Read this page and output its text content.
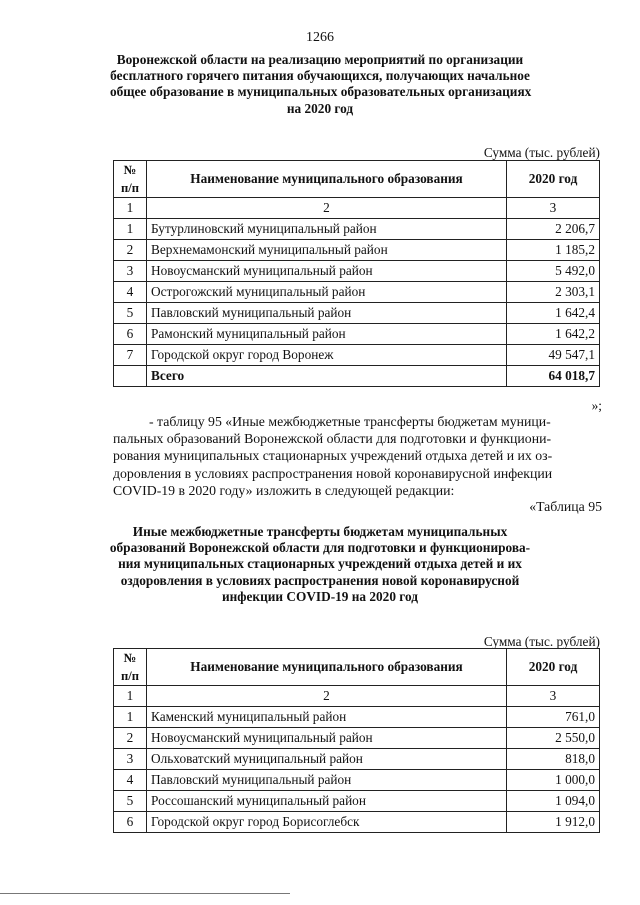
1266
Воронежской области на реализацию мероприятий по организации
бесплатного горячего питания обучающихся, получающих начальное
общее образование в муниципальных образовательных организациях
на 2020 год
Сумма (тыс. рублей)
№
п/п	Наименование муниципального образования	2020 год
1	2	3
1	Бутурлиновский муниципальный район	2 206,7
2	Верхнемамонский муниципальный район	1 185,2
3	Новоусманский муниципальный район	5 492,0
4	Острогожский муниципальный район	2 303,1
5	Павловский муниципальный район	1 642,4
6	Рамонский муниципальный район	1 642,2
7	Городской округ город Воронеж	49 547,1
	Всего	64 018,7
»;
- таблицу 95 «Иные межбюджетные трансферты бюджетам муници-
пальных образований Воронежской области для подготовки и функциони-
рования муниципальных стационарных учреждений отдыха детей и их оз-
доровления в условиях распространения новой коронавирусной инфекции
COVID-19 в 2020 году» изложить в следующей редакции:
«Таблица 95
Иные межбюджетные трансферты бюджетам муниципальных
образований Воронежской области для подготовки и функционирова-
ния муниципальных стационарных учреждений отдыха детей и их
оздоровления в условиях распространения новой коронавирусной
инфекции COVID-19 на 2020 год
Сумма (тыс. рублей)
№
п/п	Наименование муниципального образования	2020 год
1	2	3
1	Каменский муниципальный район	761,0
2	Новоусманский муниципальный район	2 550,0
3	Ольховатский муниципальный район	818,0
4	Павловский муниципальный район	1 000,0
5	Россошанский муниципальный район	1 094,0
6	Городской округ город Борисоглебск	1 912,0
